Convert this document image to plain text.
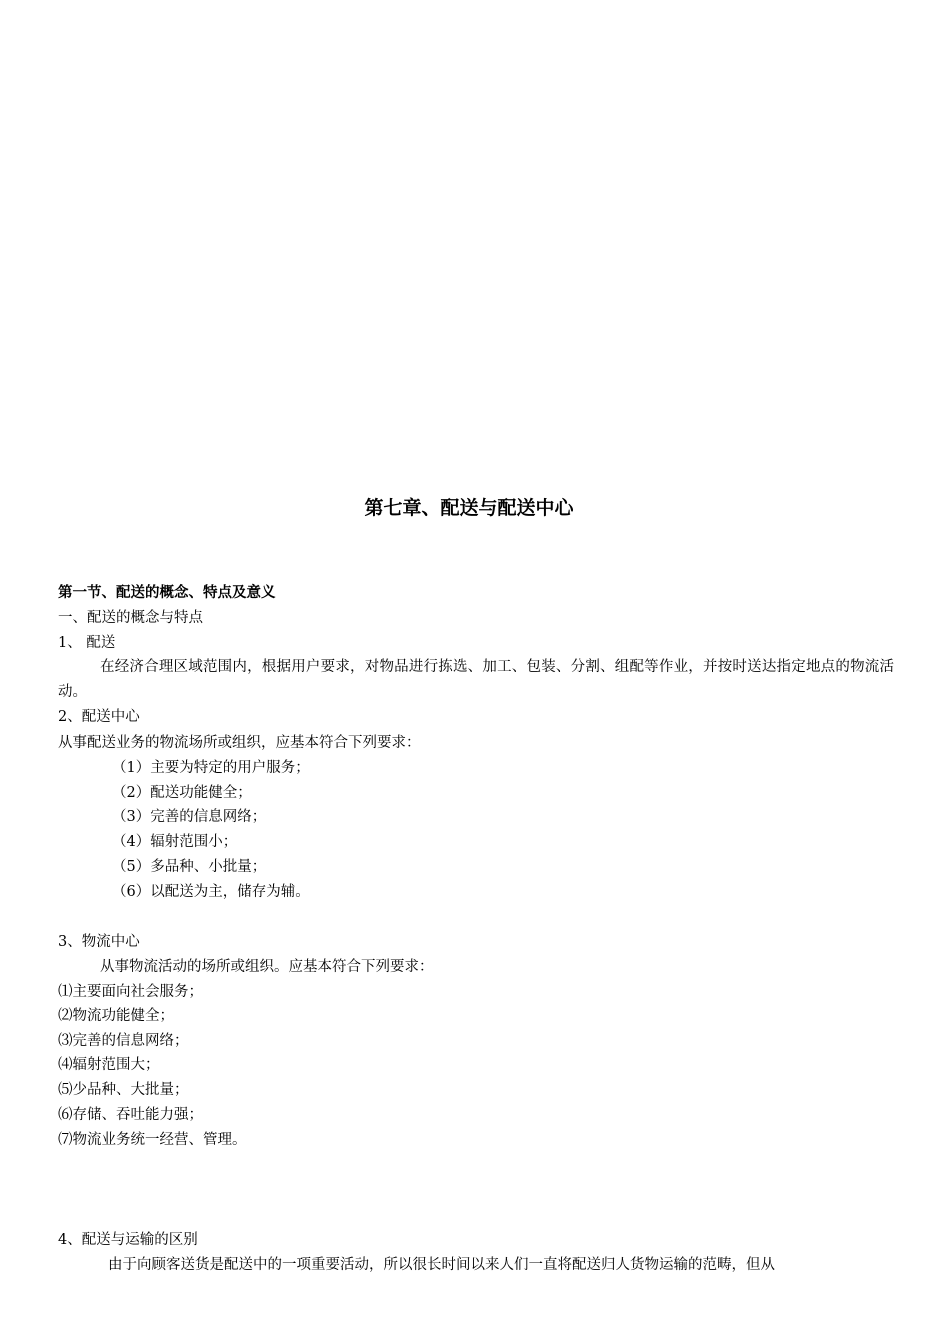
第七章、配送与配送中心
第一节、配送的概念、特点及意义
一、配送的概念与特点
1、 配送
在经济合理区域范围内，根据用户要求，对物品进行拣选、加工、包装、分割、组配等作业，并按时送达指定地点的物流活动。
2、配送中心
从事配送业务的物流场所或组织，应基本符合下列要求：
（1）主要为特定的用户服务；
（2）配送功能健全；
（3）完善的信息网络；
（4）辐射范围小；
（5）多品种、小批量；
（6）以配送为主，储存为辅。
3、物流中心
从事物流活动的场所或组织。应基本符合下列要求：
⑴主要面向社会服务；
⑵物流功能健全；
⑶完善的信息网络；
⑷辐射范围大；
⑸少品种、大批量；
⑹存储、吞吐能力强；
⑺物流业务统一经营、管理。
4、配送与运输的区别
由于向顾客送货是配送中的一项重要活动，所以很长时间以来人们一直将配送归人货物运输的范畴，但从
